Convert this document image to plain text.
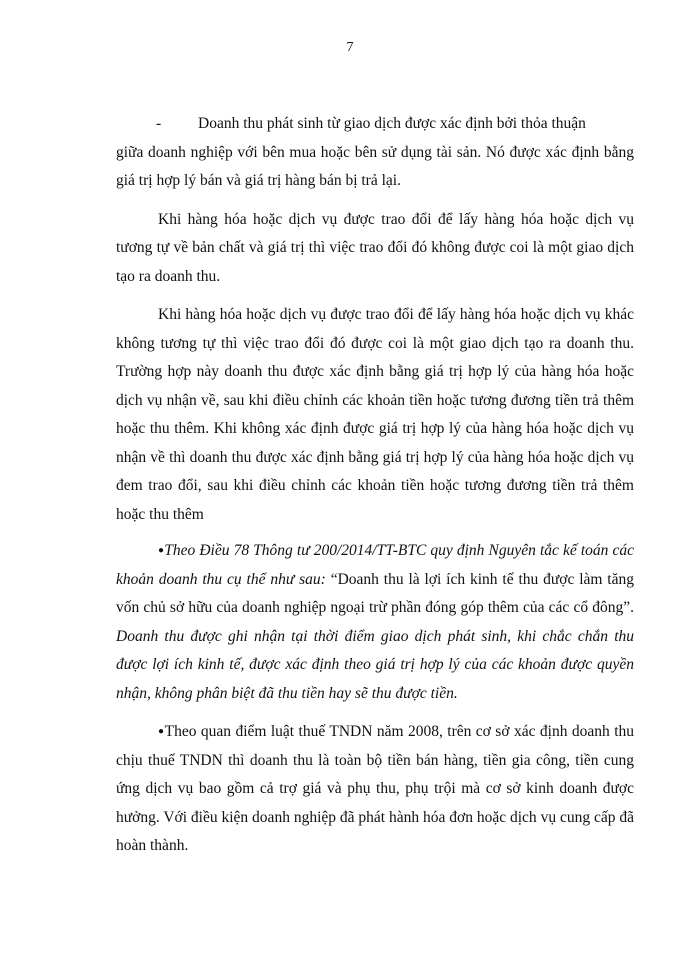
7

-	Doanh thu phát sinh từ giao dịch được xác định bởi thỏa thuận
giữa doanh nghiệp với bên mua hoặc bên sử dụng tài sản. Nó được xác định bằng giá trị hợp lý bán và giá trị hàng bán bị trả lại.

Khi hàng hóa hoặc dịch vụ được trao đổi để lấy hàng hóa hoặc dịch vụ tương tự về bản chất và giá trị thì việc trao đổi đó không được coi là một giao dịch tạo ra doanh thu.

Khi hàng hóa hoặc dịch vụ được trao đổi để lấy hàng hóa hoặc dịch vụ khác không tương tự thì việc trao đổi đó được coi là một giao dịch tạo ra doanh thu. Trường hợp này doanh thu được xác định bằng giá trị hợp lý của hàng hóa hoặc dịch vụ nhận về, sau khi điều chỉnh các khoản tiền hoặc tương đương tiền trả thêm hoặc thu thêm. Khi không xác định được giá trị hợp lý của hàng hóa hoặc dịch vụ nhận về thì doanh thu được xác định bằng giá trị hợp lý của hàng hóa hoặc dịch vụ đem trao đổi, sau khi điều chỉnh các khoản tiền hoặc tương đương tiền trả thêm hoặc thu thêm

●Theo Điều 78 Thông tư 200/2014/TT-BTC quy định Nguyên tắc kế toán các khoản doanh thu cụ thể như sau: “Doanh thu là lợi ích kinh tế thu được làm tăng vốn chủ sở hữu của doanh nghiệp ngoại trừ phần đóng góp thêm của các cổ đông”. Doanh thu được ghi nhận tại thời điểm giao dịch phát sinh, khi chắc chắn thu được lợi ích kinh tế, được xác định theo giá trị hợp lý của các khoản được quyền nhận, không phân biệt đã thu tiền hay sẽ thu được tiền.

●Theo quan điểm luật thuế TNDN năm 2008, trên cơ sở xác định doanh thu chịu thuế TNDN thì doanh thu là toàn bộ tiền bán hàng, tiền gia công, tiền cung ứng dịch vụ bao gồm cả trợ giá và phụ thu, phụ trội mà cơ sở kinh doanh được hưởng. Với điều kiện doanh nghiệp đã phát hành hóa đơn hoặc dịch vụ cung cấp đã hoàn thành.
